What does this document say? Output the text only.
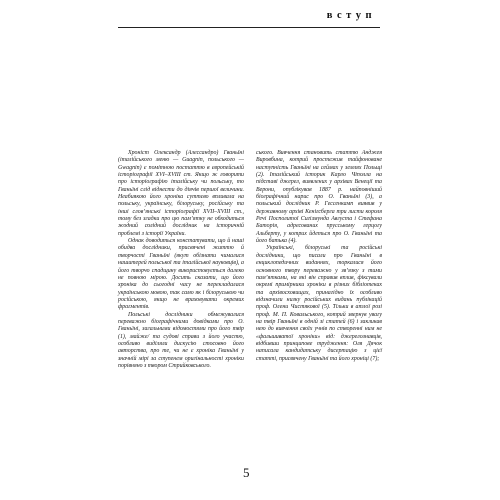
вступ

Хроніст Олександр (Алессандро) Гваньїні (італійського меню — Guagnin, польського — Gwagnin) є помітною постаттю в європейській історіографії XVI–XVIII ст. Якщо ж говорити про історіографію італійську чи польську, то Гваньїні слід віднести до діячів першої величини. Неабиякою його хроніка суттєво впливала на польську, українську, білоруську, російську та інші слов’янські історіографії XVII–XVIII ст., тому без згадки про цю пам’ятку не обходиться жодний солідний дослідник на історичній проблемі з історії України.

Однак доводиться констатувати, що й наші обидва дослідники, присвячені життю й творчості Гваньїні (якут обізнати чималися нашитерей польської та італійської науковців), а його творчо спадщину використовується далеко не повною мірою. Досить сказати, що його хроніка до сьогодні часу не перекладалася українською мовою, так само як і білоруською чи російською, якщо не враховувати окремих фрагментів.

Польські дослідники обмежувалися переважно біографічними довідками про О. Гваньїні, загальними відомостями про його твір (1), майже/ та судові справи з його участю, особливо виділяли дискусію стосовно його авторства, про те, чи не є хроніка Гваньїні у значній мірі за ступенем оригінальності хроніки порівняно з твором Стрийковського.

ського. Вивчення становить статтю Анджея Вировбина, котрий простежив тайфоноване наступність Гваньїні на сеймах у землях Польщі (2). Італійський історик Карло Чіполла на підставі джерел, виявлених у архівах Венеції та Верони, опублікував 1887 р. найповніший біографічний нарис про О. Гваньїні (3), а польський дослідник Р. Гессенкамп виявив у державному архіві Кенігсберга три листи короля Речі Посполитої Сигізмунда Августа і Стефана Баторія, адресованих прусському герцогу Альберту, у котрих йдеться про О. Гваньїні та його батька (4).

Українські, білоруські та російські дослідники, що писали про Гваньїні в енциклопедичних виданнях, торкалися його основного твору переважно у зв’язку з тими пам’ятками, на які він справив вплив, фіксували окремі примірники хроніки в різних бібліотеках та архівосховищах, принагідно їх особливо відзначили низку російських видань публікацій проф. Олени Чистякової (5). Тільки в атлої розі проф. М. П. Ковальського, котрий звернув увагу на твір Гваньїні в одній зі статей (6) і закликав нею до вивчення своїх учнів по створенні ним не «фальшиватої хроніки» від: джерелознавців, відбивши принципове трудження: Оля Дячок написала кандидатську дисертацію з цієї статті, присвячену Гваньїні та його хроніці (7);

5
